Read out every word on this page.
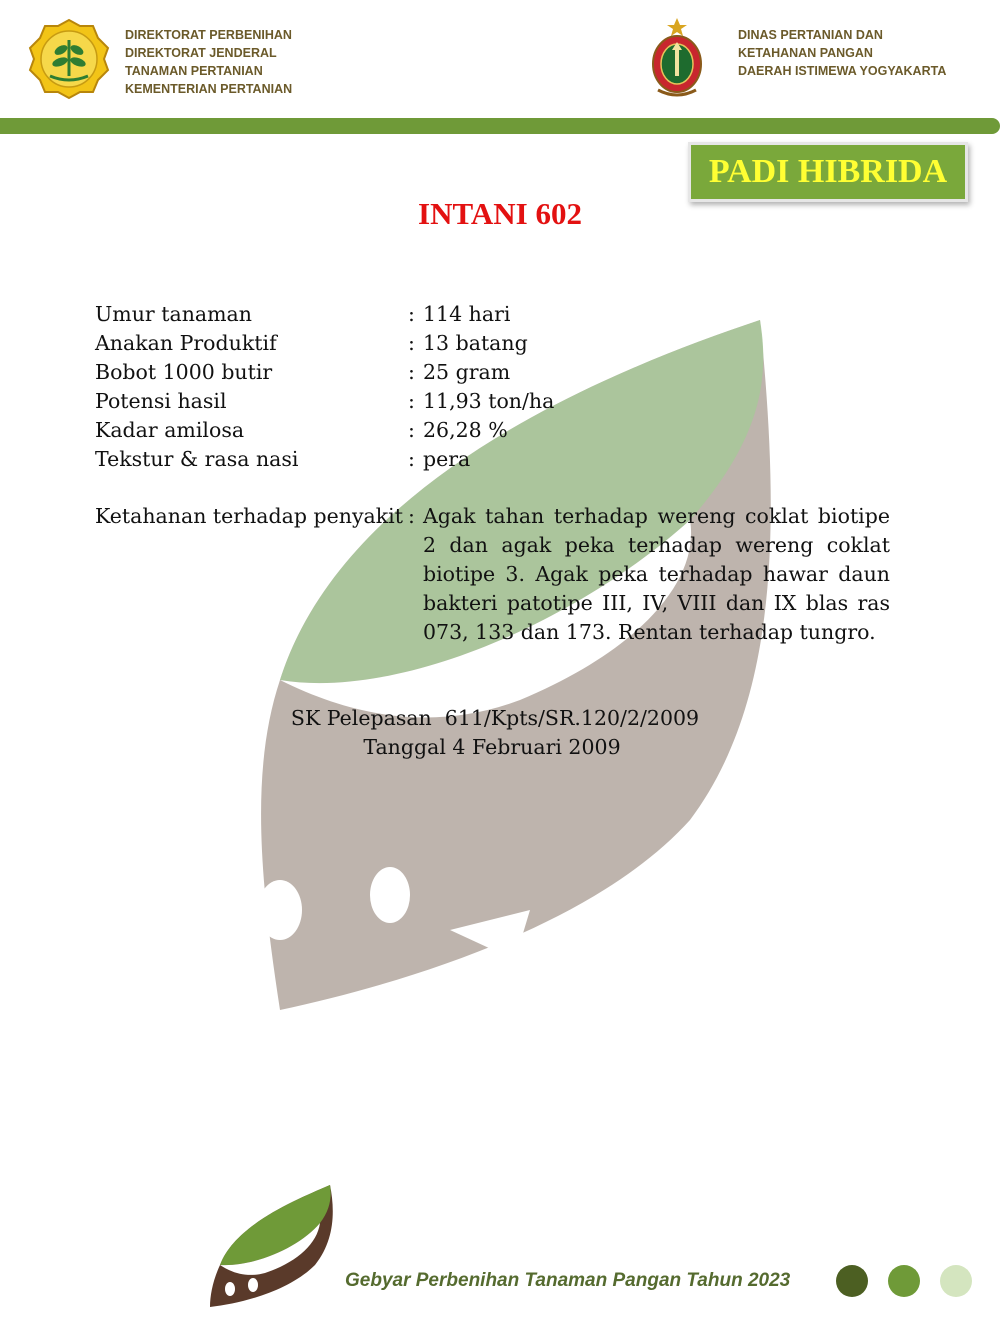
DIREKTORAT PERBENIHAN
DIREKTORAT JENDERAL
TANAMAN PERTANIAN
KEMENTERIAN PERTANIAN
DINAS PERTANIAN DAN
KETAHANAN PANGAN
DAERAH ISTIMEWA YOGYAKARTA
PADI HIBRIDA
INTANI 602
Umur tanaman	: 114 hari
Anakan Produktif	: 13 batang
Bobot 1000 butir	: 25 gram
Potensi hasil	: 11,93 ton/ha
Kadar amilosa	: 26,28 %
Tekstur & rasa nasi	: pera
Ketahanan terhadap penyakit : Agak tahan terhadap wereng coklat biotipe 2 dan agak peka terhadap wereng coklat biotipe 3. Agak peka terhadap hawar daun bakteri patotipe III, IV, VIII dan IX blas ras 073, 133 dan 173. Rentan terhadap tungro.
SK Pelepasan  611/Kpts/SR.120/2/2009
Tanggal 4 Februari 2009
Gebyar Perbenihan Tanaman Pangan Tahun 2023
